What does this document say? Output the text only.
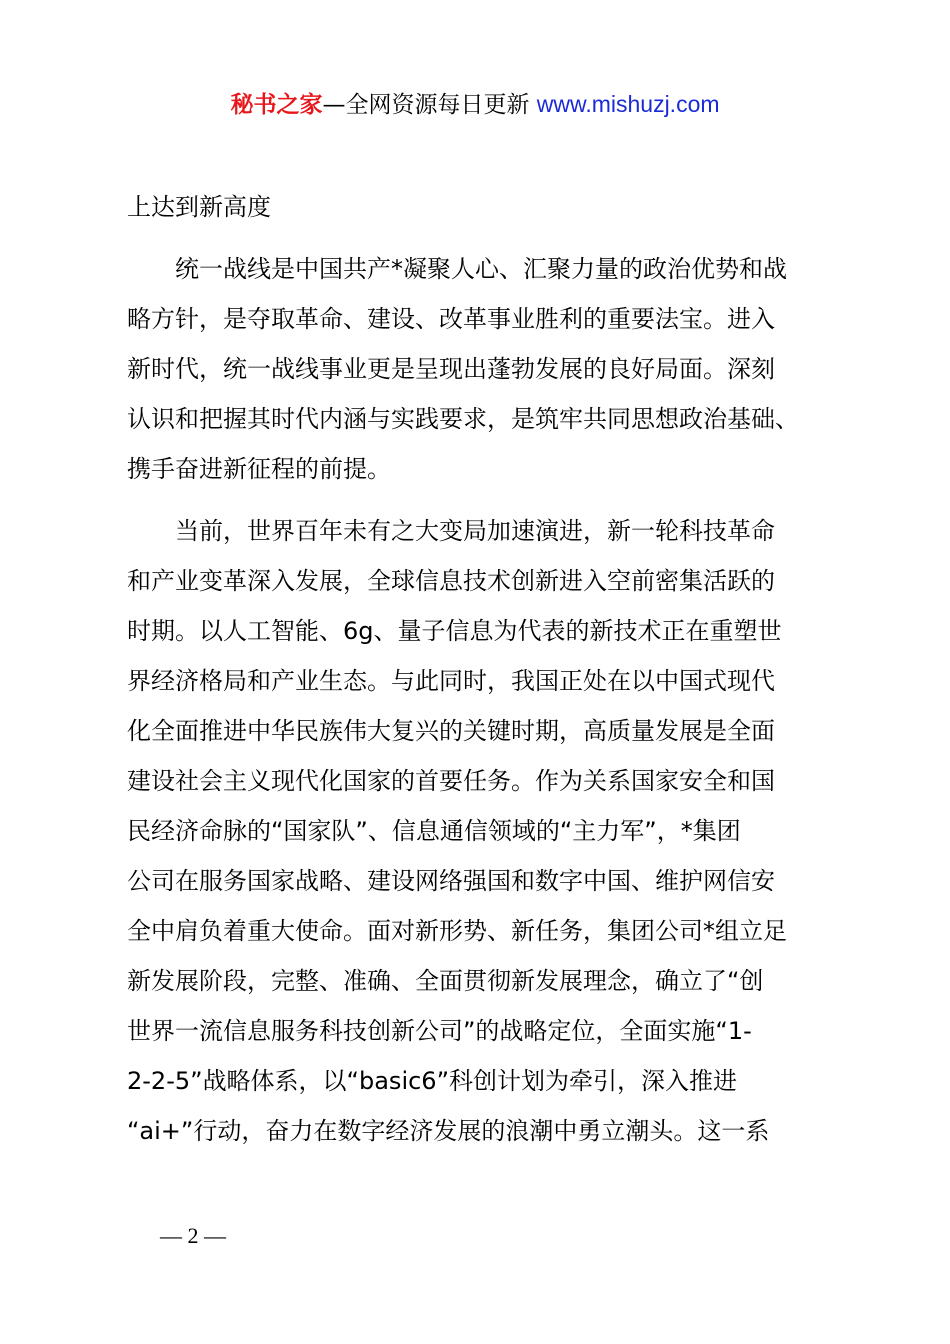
秘书之家—全网资源每日更新 www.mishuzj.com
上达到新高度
统一战线是中国共产*凝聚人心、汇聚力量的政治优势和战
略方针，是夺取革命、建设、改革事业胜利的重要法宝。进入
新时代，统一战线事业更是呈现出蓬勃发展的良好局面。深刻
认识和把握其时代内涵与实践要求，是筑牢共同思想政治基础、
携手奋进新征程的前提。
当前，世界百年未有之大变局加速演进，新一轮科技革命
和产业变革深入发展，全球信息技术创新进入空前密集活跃的
时期。以人工智能、6g、量子信息为代表的新技术正在重塑世
界经济格局和产业生态。与此同时，我国正处在以中国式现代
化全面推进中华民族伟大复兴的关键时期，高质量发展是全面
建设社会主义现代化国家的首要任务。作为关系国家安全和国
民经济命脉的“国家队”、信息通信领域的“主力军”，*集团
公司在服务国家战略、建设网络强国和数字中国、维护网信安
全中肩负着重大使命。面对新形势、新任务，集团公司*组立足
新发展阶段，完整、准确、全面贯彻新发展理念，确立了“创
世界一流信息服务科技创新公司”的战略定位，全面实施“1-
2-2-5”战略体系，以“basic6”科创计划为牵引，深入推进
“ai+”行动，奋力在数字经济发展的浪潮中勇立潮头。这一系
— 2 —
